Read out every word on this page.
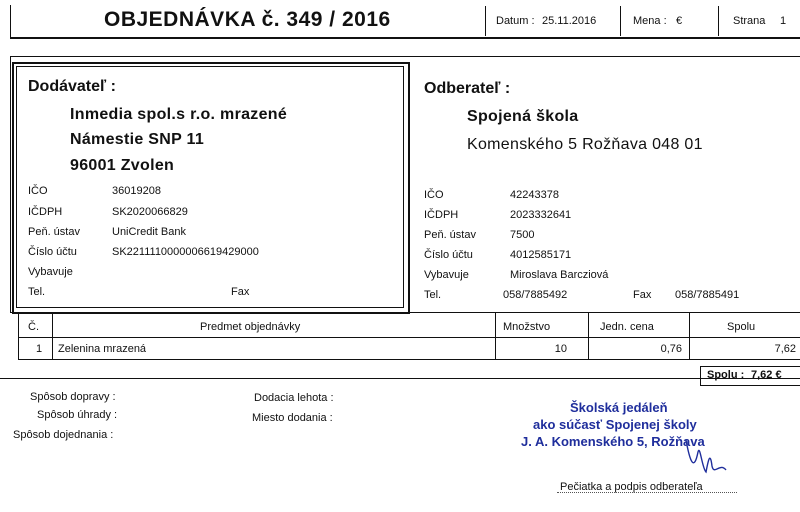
OBJEDNÁVKA č. 349 / 2016	Datum : 25.11.2016	Mena : €	Strana 1
Dodávateľ :
Inmedia spol.s r.o. mrazené
Námestie SNP 11
96001 Zvolen
IČO	36019208
IČDPH	SK2020066829
Peň. ústav	UniCredit Bank
Číslo účtu	SK2211110000006619429000
Vybavuje
Tel.	Fax
Odberateľ :
Spojená škola
Komenského 5 Rožňava 048 01
IČO	42243378
IČDPH	2023332641
Peň. ústav	7500
Číslo účtu	4012585171
Vybavuje	Miroslava Barcziová
Tel.	058/7885492	Fax 058/7885491
Č.	Predmet objednávky	Množstvo	Jedn. cena	Spolu
1 Zelenina mrazená	10	0,76	7,62
Spolu : 7,62 €
Spôsob dopravy :
Spôsob úhrady :
Spôsob dojednania :
Dodacia lehota :
Miesto dodania :
Školská jedáleň
ako súčasť Spojenej školy
J. A. Komenského 5, Rožňava
Pečiatka a podpis odberateľa
